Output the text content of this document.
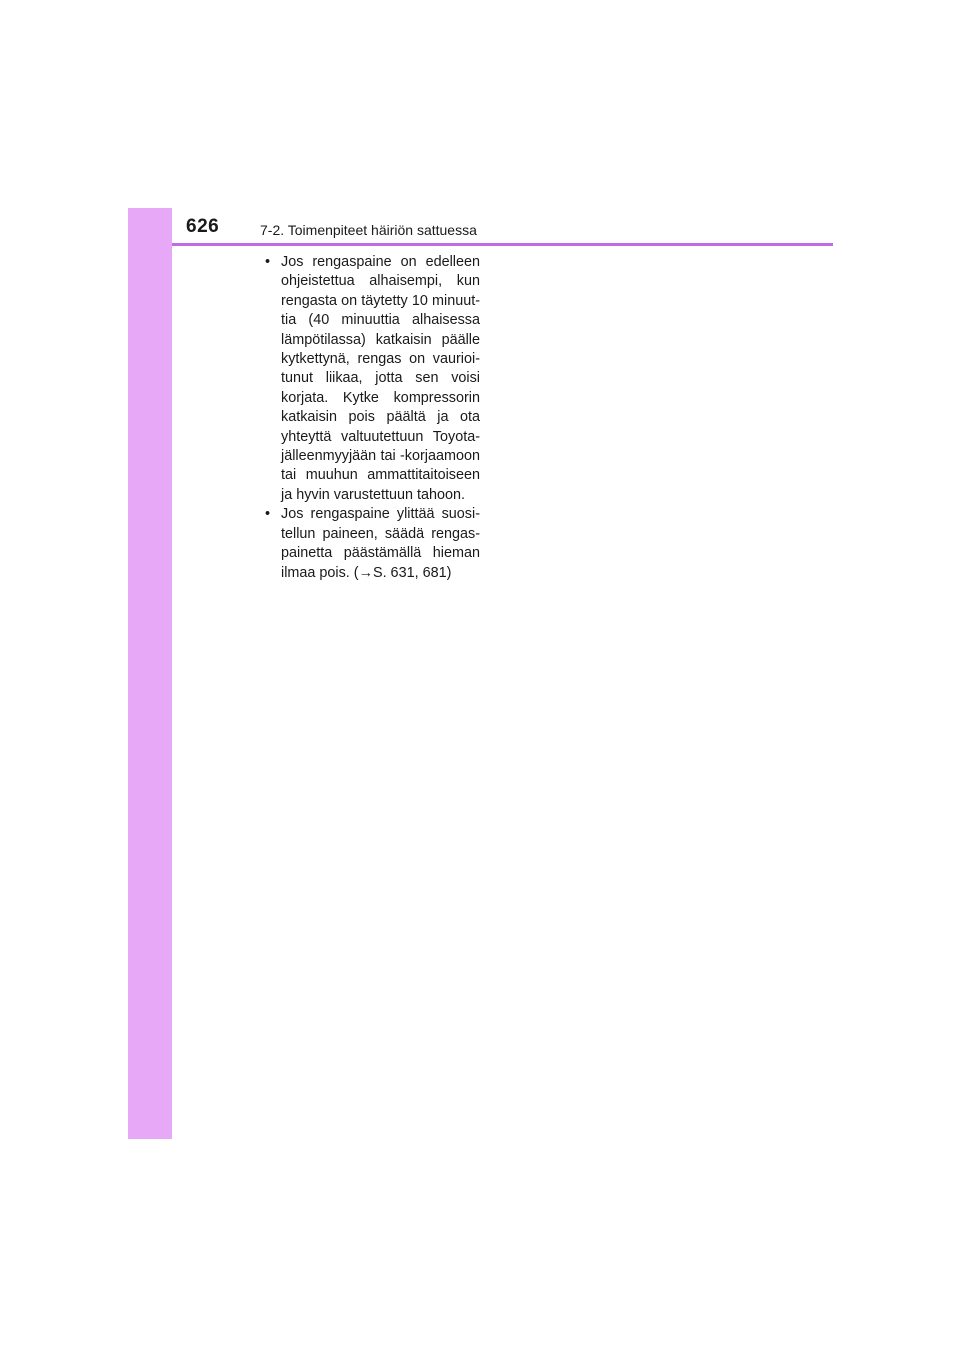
626	7-2. Toimenpiteet häiriön sattuessa
• Jos rengaspaine on edelleen
ohjeistettua alhaisempi, kun
rengasta on täytetty 10 minuut-
tia (40 minuuttia alhaisessa
lämpötilassa) katkaisin päälle
kytkettynä, rengas on vaurioi-
tunut liikaa, jotta sen voisi
korjata. Kytke kompressorin
katkaisin pois päältä ja ota
yhteyttä valtuutettuun Toyota-
jälleenmyyjään tai -korjaamoon
tai muuhun ammattitaitoiseen
ja hyvin varustettuun tahoon.
• Jos rengaspaine ylittää suosi-
tellun paineen, säädä rengas-
painetta päästämällä hieman
ilmaa pois. (→S. 631, 681)
